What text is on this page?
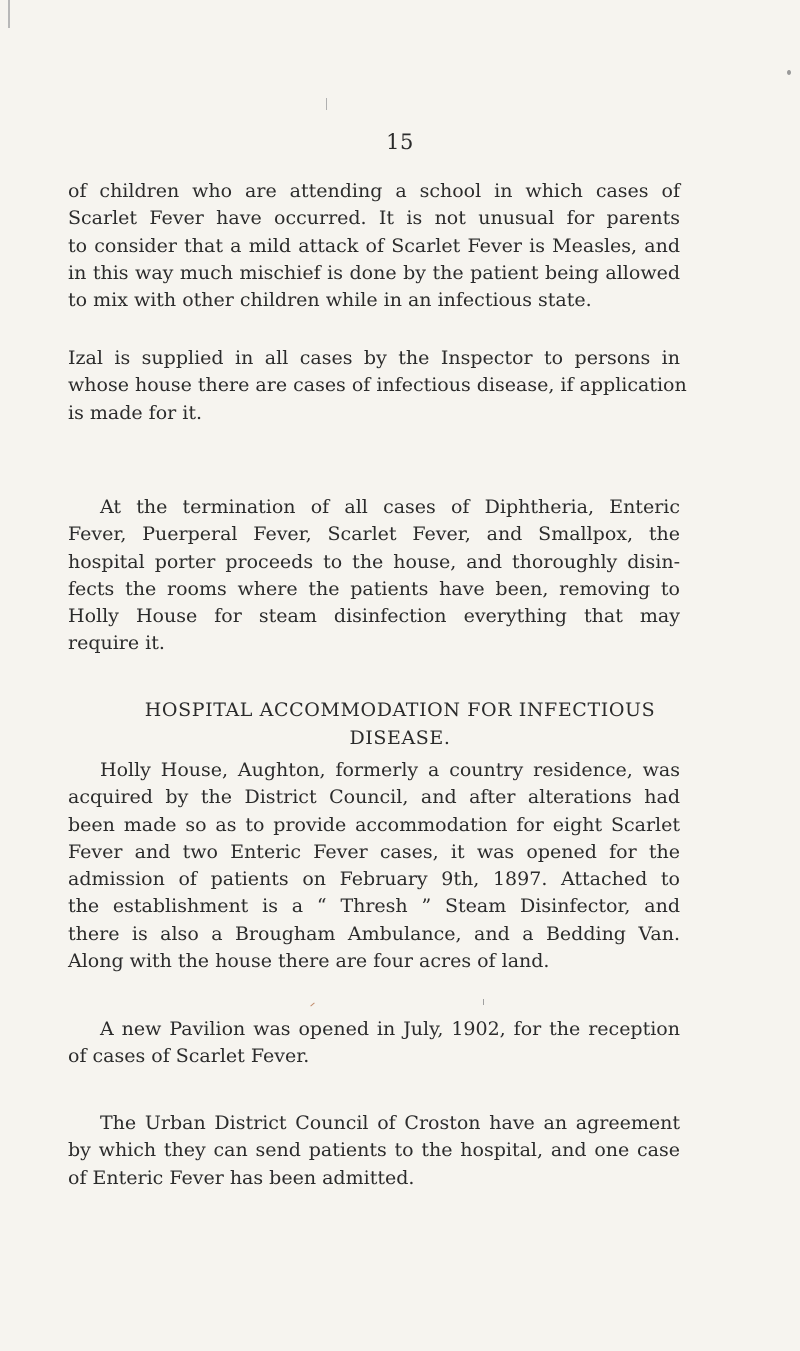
15
of children who are attending a school in which cases of
Scarlet Fever have occurred. It is not unusual for parents
to consider that a mild attack of Scarlet Fever is Measles, and
in this way much mischief is done by the patient being allowed
to mix with other children while in an infectious state.
Izal is supplied in all cases by the Inspector to persons in
whose house there are cases of infectious disease, if application
is made for it.
At the termination of all cases of Diphtheria, Enteric
Fever, Puerperal Fever, Scarlet Fever, and Smallpox, the
hospital porter proceeds to the house, and thoroughly disin-
fects the rooms where the patients have been, removing to
Holly House for steam disinfection everything that may
require it.
HOSPITAL ACCOMMODATION FOR INFECTIOUS
DISEASE.
Holly House, Aughton, formerly a country residence, was
acquired by the District Council, and after alterations had
been made so as to provide accommodation for eight Scarlet
Fever and two Enteric Fever cases, it was opened for the
admission of patients on February 9th, 1897. Attached to
the establishment is a “ Thresh ” Steam Disinfector, and
there is also a Brougham Ambulance, and a Bedding Van.
Along with the house there are four acres of land.
A new Pavilion was opened in July, 1902, for the reception
of cases of Scarlet Fever.
The Urban District Council of Croston have an agreement
by which they can send patients to the hospital, and one case
of Enteric Fever has been admitted.
